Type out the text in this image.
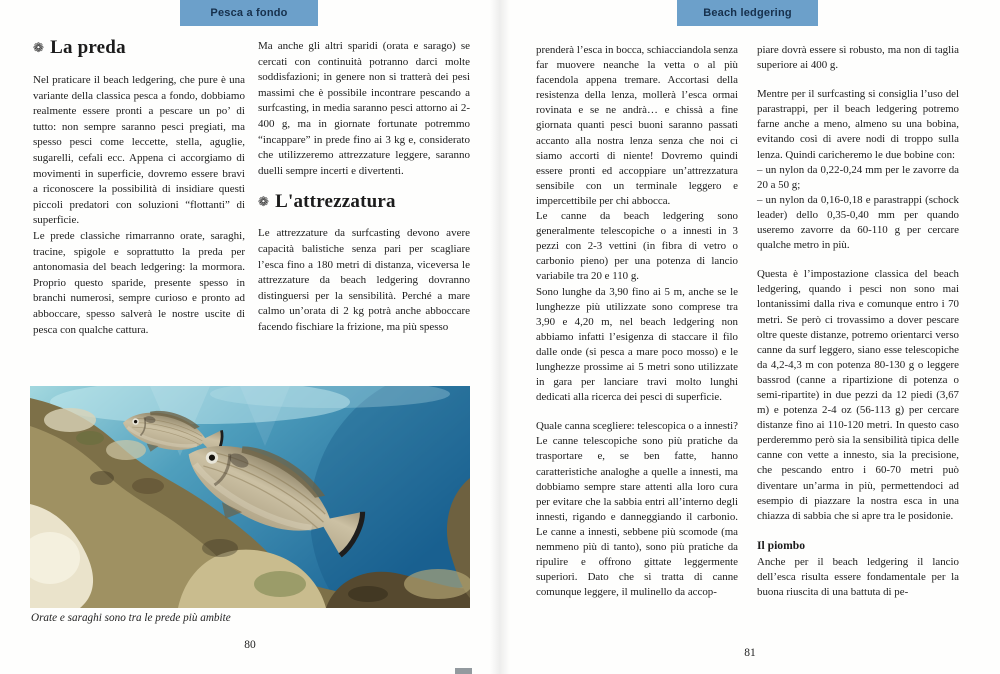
Pesca a fondo	Beach ledgering
❁ La preda

Nel praticare il beach ledgering, che pure è una variante della classica pesca a fondo, dobbiamo realmente essere pronti a pescare un po’ di tutto: non sempre saranno pesci pregiati, ma spesso pesci come leccette, stella, aguglie, sugarelli, cefali ecc. Appena ci accorgiamo di movimenti in superficie, dovremo essere bravi a riconoscere la possibilità di insidiare questi piccoli predatori con soluzioni “flottanti” di superficie.

Le prede classiche rimarranno orate, saraghi, tracine, spigole e soprattutto la preda per antonomasia del beach ledgering: la mormora. Proprio questo sparide, presente spesso in branchi numerosi, sempre curioso e pronto ad abboccare, spesso salverà le nostre uscite di pesca con qualche cattura.

Ma anche gli altri sparidi (orata e sarago) se cercati con continuità potranno darci molte soddisfazioni; in genere non si tratterà dei pesi massimi che è possibile incontrare pescando a surfcasting, in media saranno pesci attorno ai 2-400 g, ma in giornate fortunate potremmo “incappare” in prede fino ai 3 kg e, considerato che utilizzeremo attrezzature leggere, saranno duelli sempre incerti e divertenti.

❁ L'attrezzatura

Le attrezzature da surfcasting devono avere capacità balistiche senza pari per scagliare l’esca fino a 180 metri di distanza, viceversa le attrezzature da beach ledgering dovranno distinguersi per la sensibilità. Perché a mare calmo un’orata di 2 kg potrà anche abboccare facendo fischiare la frizione, ma più spesso

Orate e saraghi sono tra le prede più ambite
80

prenderà l’esca in bocca, schiacciandola senza far muovere neanche la vetta o al più facendola appena tremare. Accortasi della resistenza della lenza, mollerà l’esca ormai rovinata e se ne andrà… e chissà a fine giornata quanti pesci buoni saranno passati accanto alla nostra lenza senza che noi ci siamo accorti di niente! Dovremo quindi essere pronti ed accoppiare un’attrezzatura sensibile con un terminale leggero e impercettibile per chi abbocca.

Le canne da beach ledgering sono generalmente telescopiche o a innesti in 3 pezzi con 2-3 vettini (in fibra di vetro o carbonio pieno) per una potenza di lancio variabile tra 20 e 110 g.

Sono lunghe da 3,90 fino ai 5 m, anche se le lunghezze più utilizzate sono comprese tra 3,90 e 4,20 m, nel beach ledgering non abbiamo infatti l’esigenza di staccare il filo dalle onde (si pesca a mare poco mosso) e le lunghezze prossime ai 5 metri sono utilizzate in gara per lanciare travi molto lunghi dedicati alla ricerca dei pesci di superficie.

Quale canna scegliere: telescopica o a innesti? Le canne telescopiche sono più pratiche da trasportare e, se ben fatte, hanno caratteristiche analoghe a quelle a innesti, ma dobbiamo sempre stare attenti alla loro cura per evitare che la sabbia entri all’interno degli innesti, rigando e danneggiando il carbonio. Le canne a innesti, sebbene più scomode (ma nemmeno più di tanto), sono più pratiche da ripulire e offrono gittate leggermente superiori. Dato che si tratta di canne comunque leggere, il mulinello da accop-

piare dovrà essere sì robusto, ma non di taglia superiore ai 400 g.

Mentre per il surfcasting si consiglia l’uso del parastrappi, per il beach ledgering potremo farne anche a meno, almeno su una bobina, evitando così di avere nodi di troppo sulla lenza. Quindi caricheremo le due bobine con:

– un nylon da 0,22-0,24 mm per le zavorre da 20 a 50 g;

– un nylon da 0,16-0,18 e parastrappi (schock leader) dello 0,35-0,40 mm per quando useremo zavorre da 60-110 g per cercare qualche metro in più.

Questa è l’impostazione classica del beach ledgering, quando i pesci non sono mai lontanissimi dalla riva e comunque entro i 70 metri. Se però ci trovassimo a dover pescare oltre queste distanze, potremo orientarci verso canne da surf leggero, siano esse telescopiche da 4,2-4,3 m con potenza 80-130 g o leggere bassrod (canne a ripartizione di potenza o semi-ripartite) in due pezzi da 12 piedi (3,67 m) e potenza 2-4 oz (56-113 g) per cercare distanze fino ai 110-120 metri. In questo caso perderemmo però sia la sensibilità tipica delle canne con vette a innesto, sia la precisione, che pescando entro i 60-70 metri può diventare un’arma in più, permettendoci ad esempio di piazzare la nostra esca in una chiazza di sabbia che si apre tra le posidonie.

Il piombo

Anche per il beach ledgering il lancio dell’esca risulta essere fondamentale per la buona riuscita di una battuta di pe-

81
